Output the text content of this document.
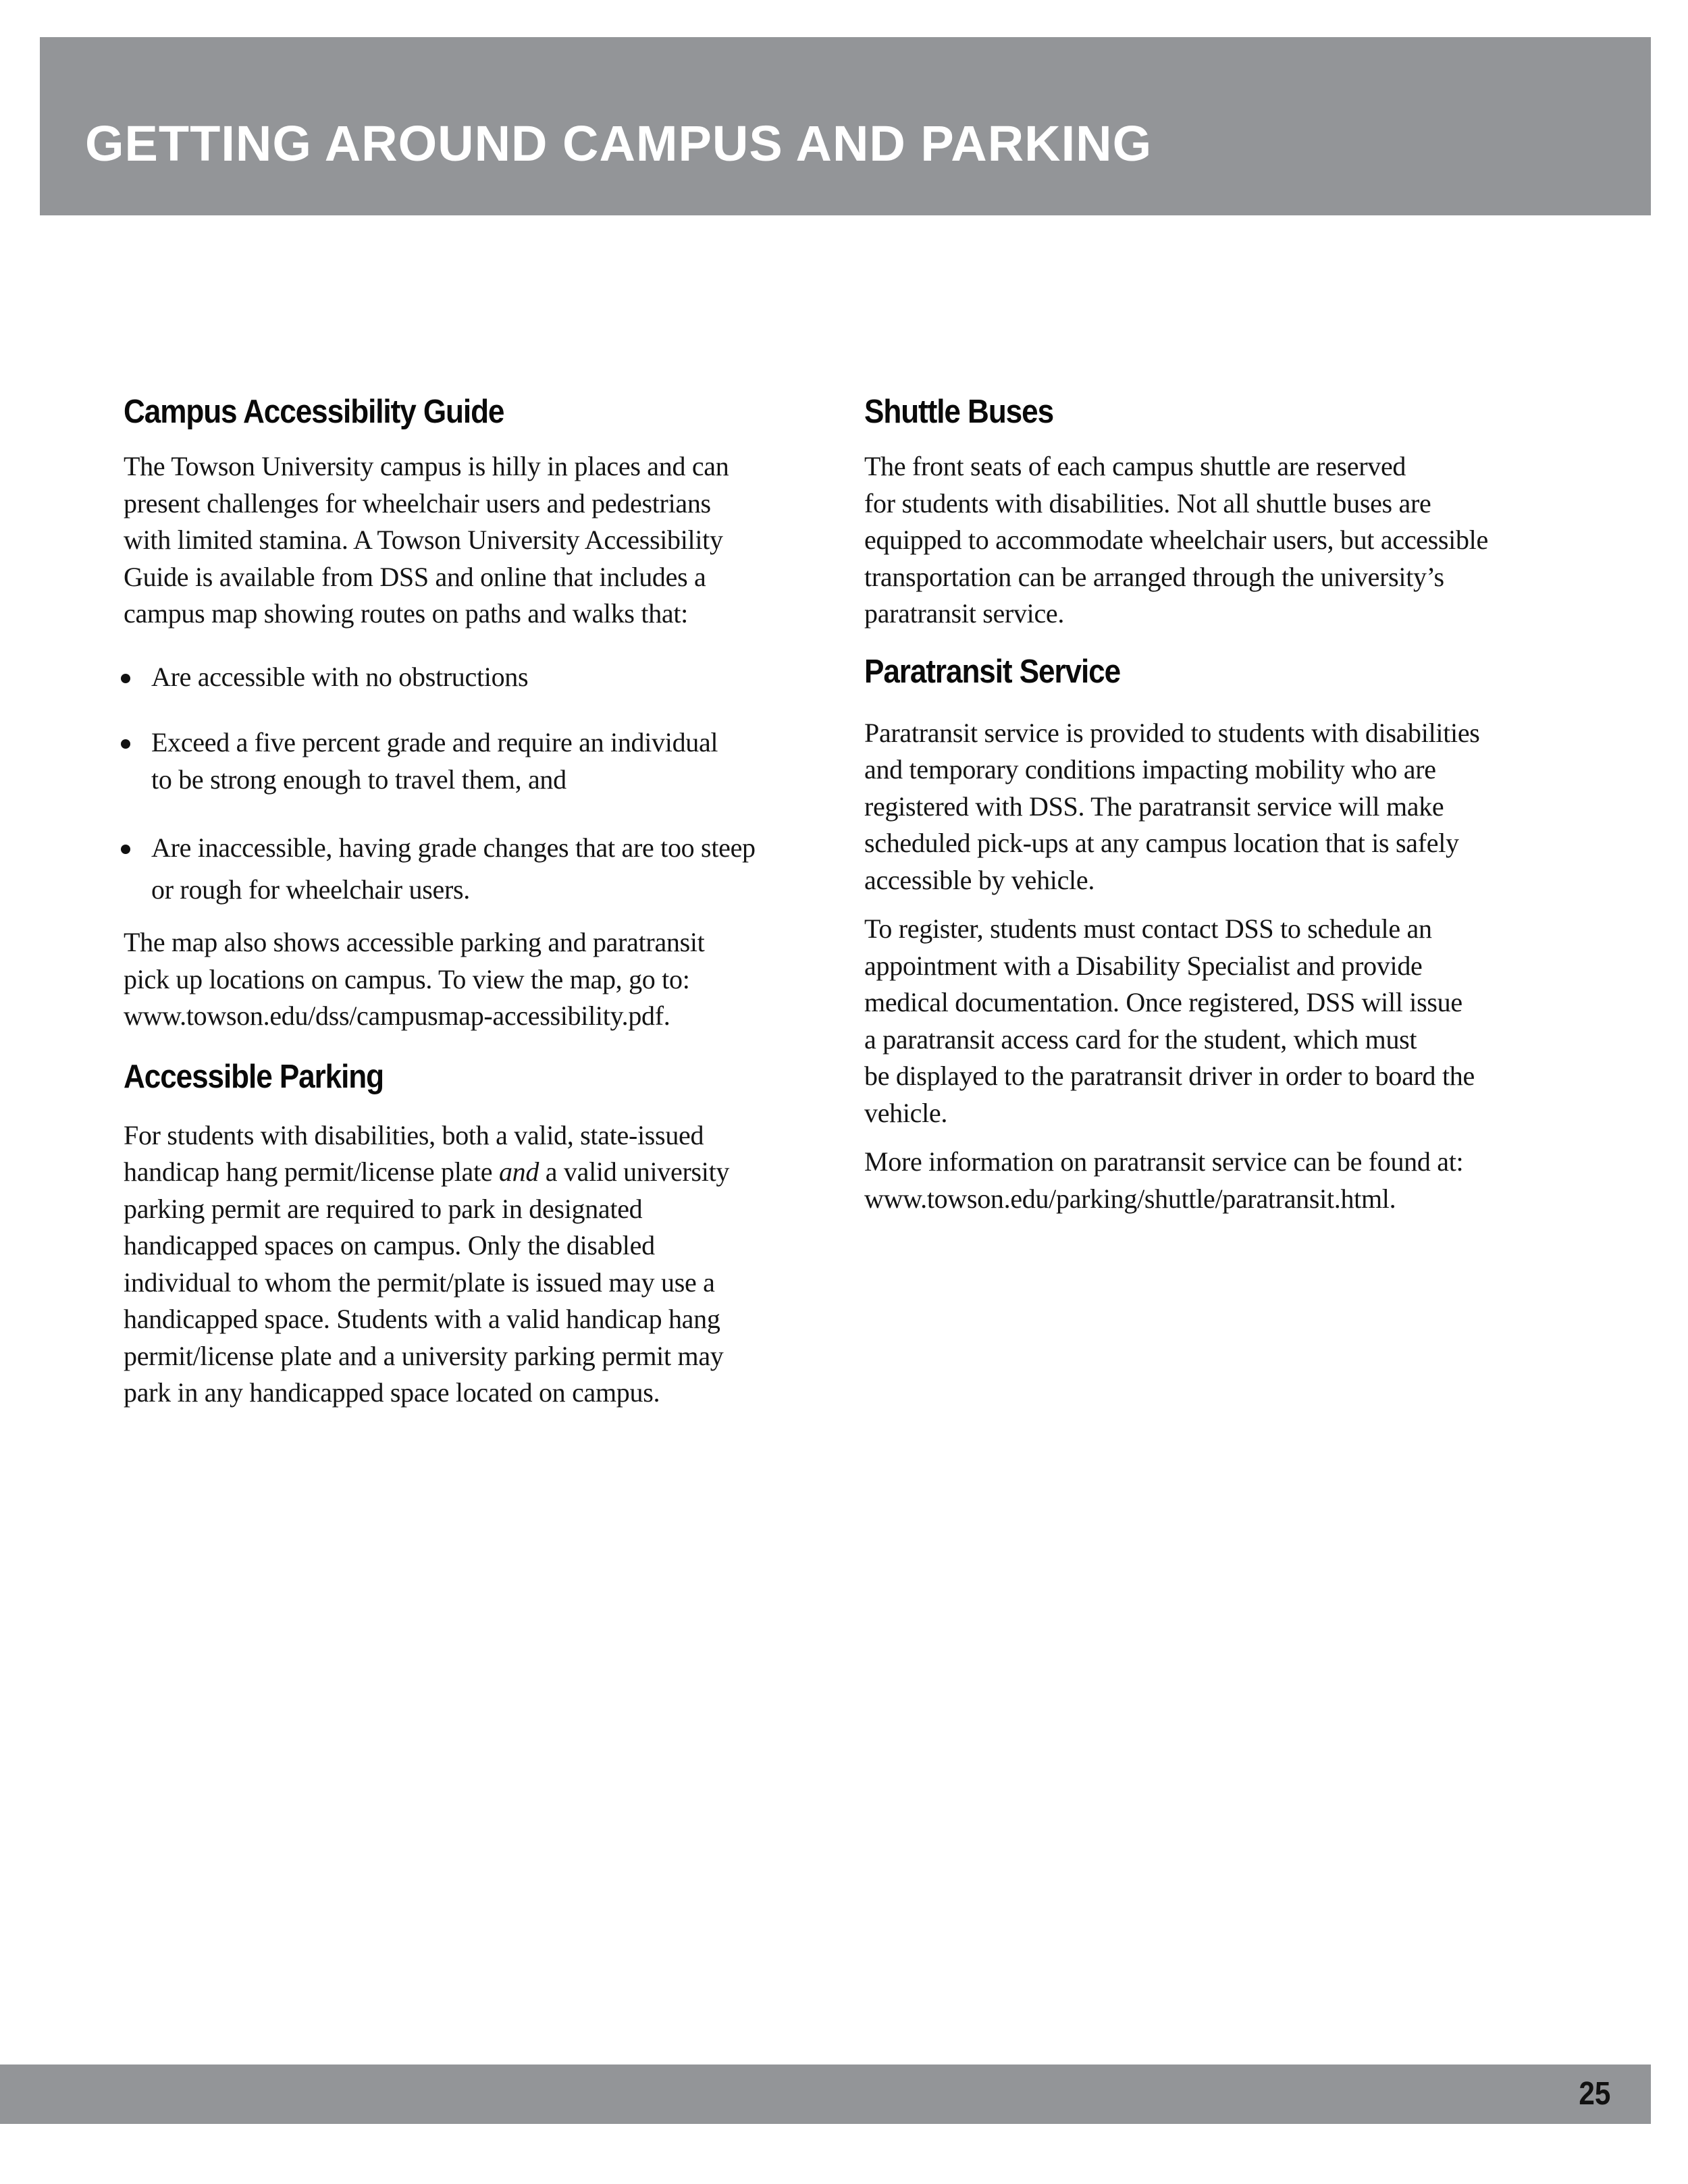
GETTING AROUND CAMPUS AND PARKING
Campus Accessibility Guide

The Towson University campus is hilly in places and can
present challenges for wheelchair users and pedestrians
with limited stamina. A Towson University Accessibility
Guide is available from DSS and online that includes a
campus map showing routes on paths and walks that:

Are accessible with no obstructions
Exceed a five percent grade and require an individual
to be strong enough to travel them, and
Are inaccessible, having grade changes that are too steep
or rough for wheelchair users.

The map also shows accessible parking and paratransit
pick up locations on campus. To view the map, go to:
www.towson.edu/dss/campusmap-accessibility.pdf.

Accessible Parking

For students with disabilities, both a valid, state-issued
handicap hang permit/license plate and a valid university
parking permit are required to park in designated
handicapped spaces on campus. Only the disabled
individual to whom the permit/plate is issued may use a
handicapped space. Students with a valid handicap hang
permit/license plate and a university parking permit may
park in any handicapped space located on campus.

Shuttle Buses

The front seats of each campus shuttle are reserved
for students with disabilities. Not all shuttle buses are
equipped to accommodate wheelchair users, but accessible
transportation can be arranged through the university’s
paratransit service.

Paratransit Service

Paratransit service is provided to students with disabilities
and temporary conditions impacting mobility who are
registered with DSS. The paratransit service will make
scheduled pick-ups at any campus location that is safely
accessible by vehicle.

To register, students must contact DSS to schedule an
appointment with a Disability Specialist and provide
medical documentation. Once registered, DSS will issue
a paratransit access card for the student, which must
be displayed to the paratransit driver in order to board the
vehicle.

More information on paratransit service can be found at:
www.towson.edu/parking/shuttle/paratransit.html.

25
